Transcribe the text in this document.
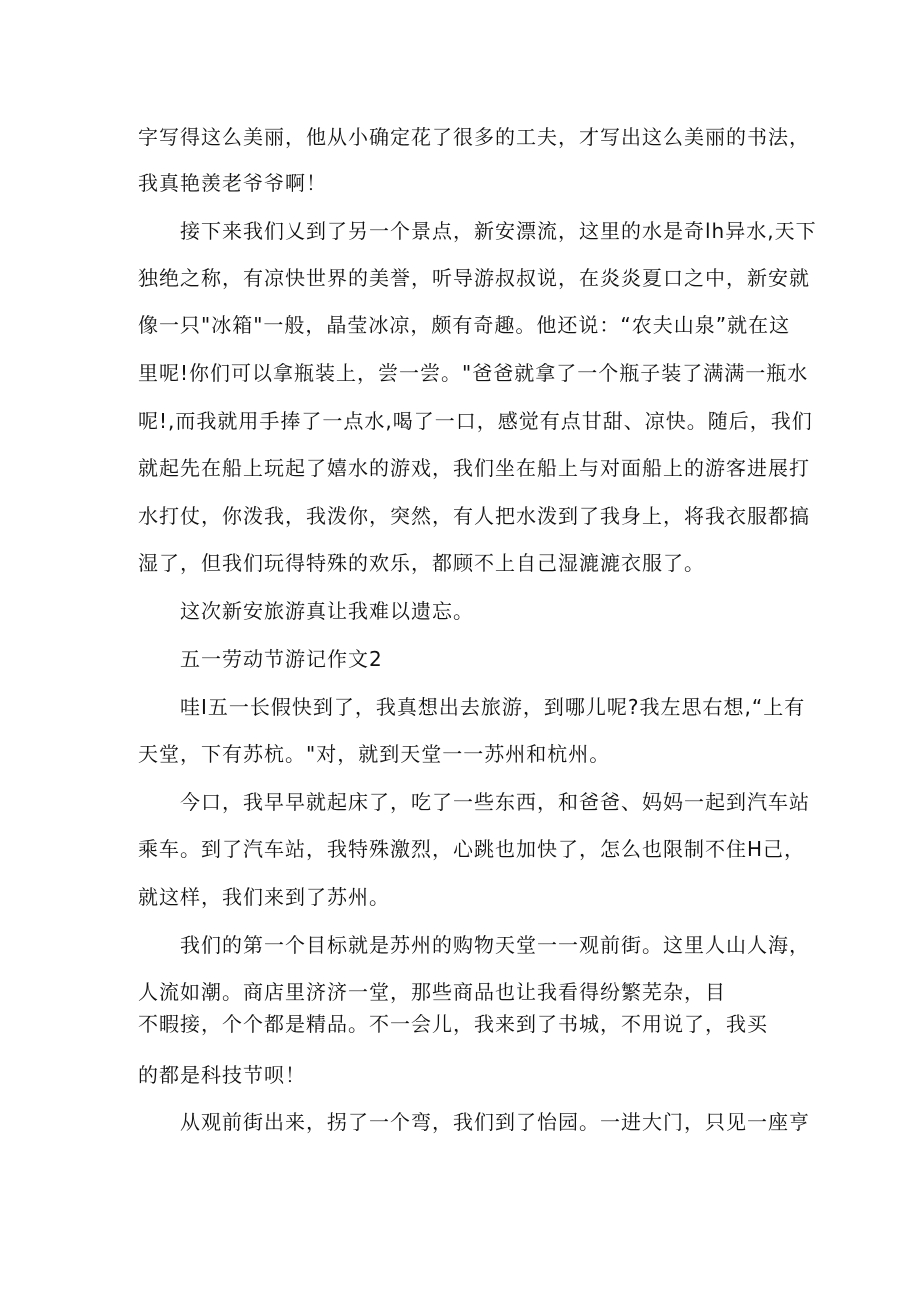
字写得这么美丽，他从小确定花了很多的工夫，才写出这么美丽的书法，
我真艳羡老爷爷啊！
接下来我们乂到了另一个景点，新安漂流，这里的水是奇lh异水,天下
独绝之称，有凉快世界的美誉，听导游叔叔说，在炎炎夏口之中，新安就
像一只"冰箱"一般，晶莹冰凉，颇有奇趣。他还说：“农夫山泉”就在这
里呢!你们可以拿瓶装上，尝一尝。"爸爸就拿了一个瓶子装了满满一瓶水
呢!,而我就用手捧了一点水,喝了一口，感觉有点甘甜、凉快。随后，我们
就起先在船上玩起了嬉水的游戏，我们坐在船上与对面船上的游客进展打
水打仗，你泼我，我泼你，突然，有人把水泼到了我身上，将我衣服都搞
湿了，但我们玩得特殊的欢乐，都顾不上自己湿漉漉衣服了。
这次新安旅游真让我难以遗忘。
五一劳动节游记作文2
哇I五一长假快到了，我真想出去旅游，到哪儿呢?我左思右想,“上有
天堂，下有苏杭。"对，就到天堂一一苏州和杭州。
今口，我早早就起床了，吃了一些东西，和爸爸、妈妈一起到汽车站
乘车。到了汽车站，我特殊激烈，心跳也加快了，怎么也限制不住H己，
就这样，我们来到了苏州。
我们的第一个目标就是苏州的购物天堂一一观前街。这里人山人海，
人流如潮。商店里济济一堂，那些商品也让我看得纷繁芜杂，目
不暇接，个个都是精品。不一会儿，我来到了书城，不用说了，我买
的都是科技节呗！
从观前街出来，拐了一个弯，我们到了怡园。一进大门，只见一座亨
